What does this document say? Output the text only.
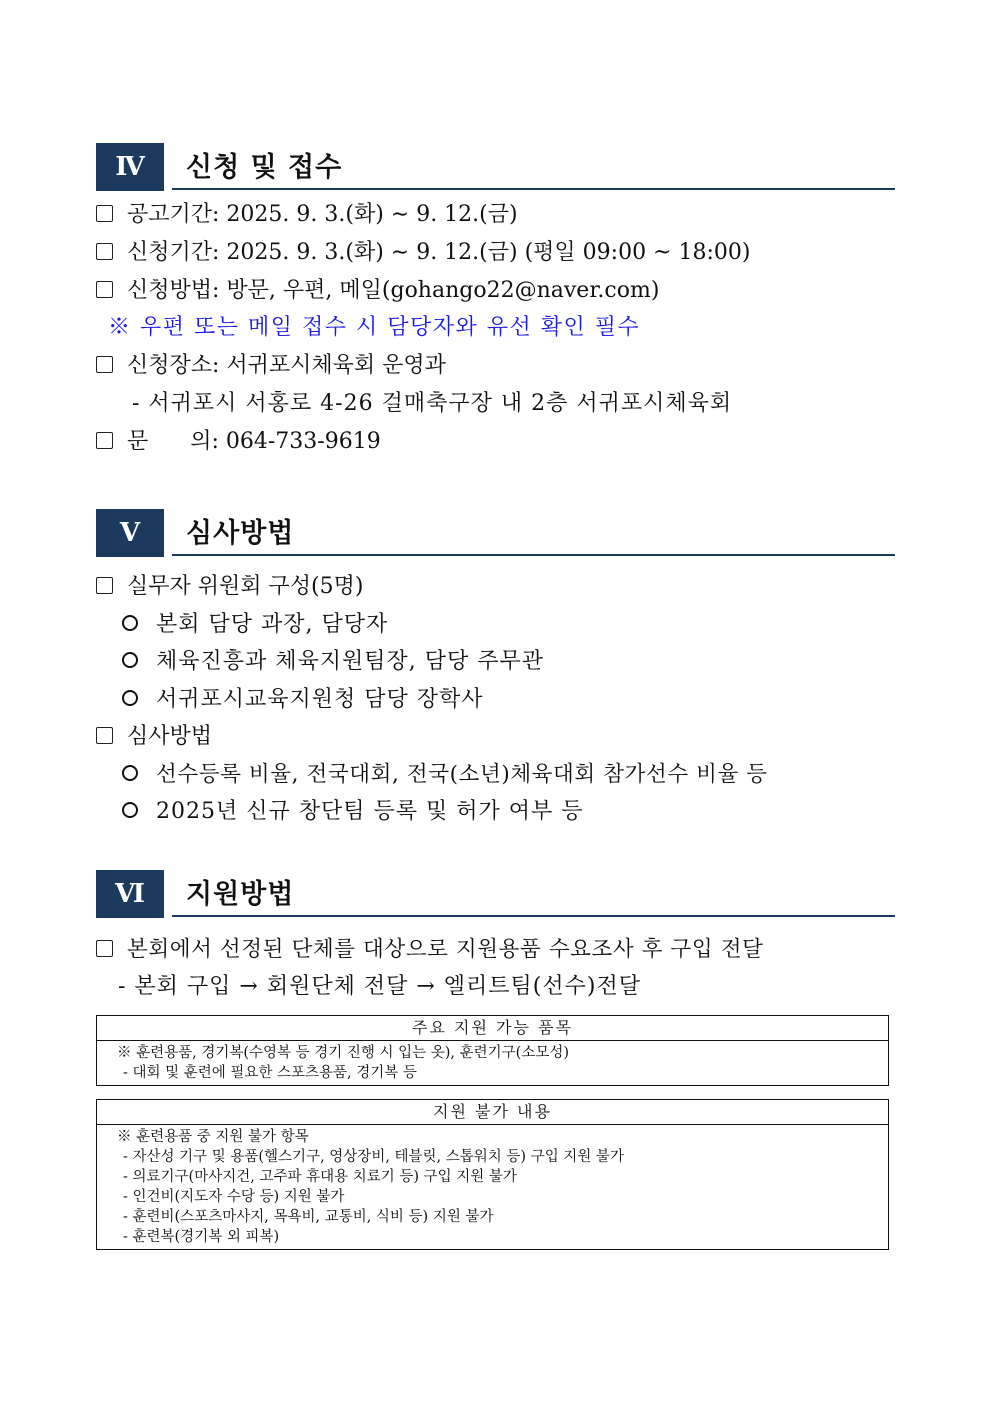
Ⅳ	신청 및 접수
공고기간: 2025. 9. 3.(화) ∼ 9. 12.(금)
신청기간: 2025. 9. 3.(화) ∼ 9. 12.(금) (평일 09:00 ~ 18:00)
신청방법: 방문, 우편, 메일(gohango22@naver.com)
※ 우편 또는 메일 접수 시 담당자와 유선 확인 필수
신청장소: 서귀포시체육회 운영과
- 서귀포시 서홍로 4-26 걸매축구장 내 2층 서귀포시체육회
문      의: 064-733-9619
Ⅴ	심사방법
실무자 위원회 구성(5명)
본회 담당 과장, 담당자
체육진흥과 체육지원팀장, 담당 주무관
서귀포시교육지원청 담당 장학사
심사방법
선수등록 비율, 전국대회, 전국(소년)체육대회 참가선수 비율 등
2025년 신규 창단팀 등록 및 허가 여부 등
Ⅵ	지원방법
본회에서 선정된 단체를 대상으로 지원용품 수요조사 후 구입 전달
- 본회 구입 → 회원단체 전달 → 엘리트팀(선수)전달
주요 지원 가능 품목
※ 훈련용품, 경기복(수영복 등 경기 진행 시 입는 옷), 훈련기구(소모성)
- 대회 및 훈련에 필요한 스포츠용품, 경기복 등
지원 불가 내용
※ 훈련용품 중 지원 불가 항목
- 자산성 기구 및 용품(헬스기구, 영상장비, 테블릿, 스톱워치 등) 구입 지원 불가
- 의료기구(마사지건, 고주파 휴대용 치료기 등) 구입 지원 불가
- 인건비(지도자 수당 등) 지원 불가
- 훈련비(스포츠마사지, 목욕비, 교통비, 식비 등) 지원 불가
- 훈련복(경기복 외 피복)
